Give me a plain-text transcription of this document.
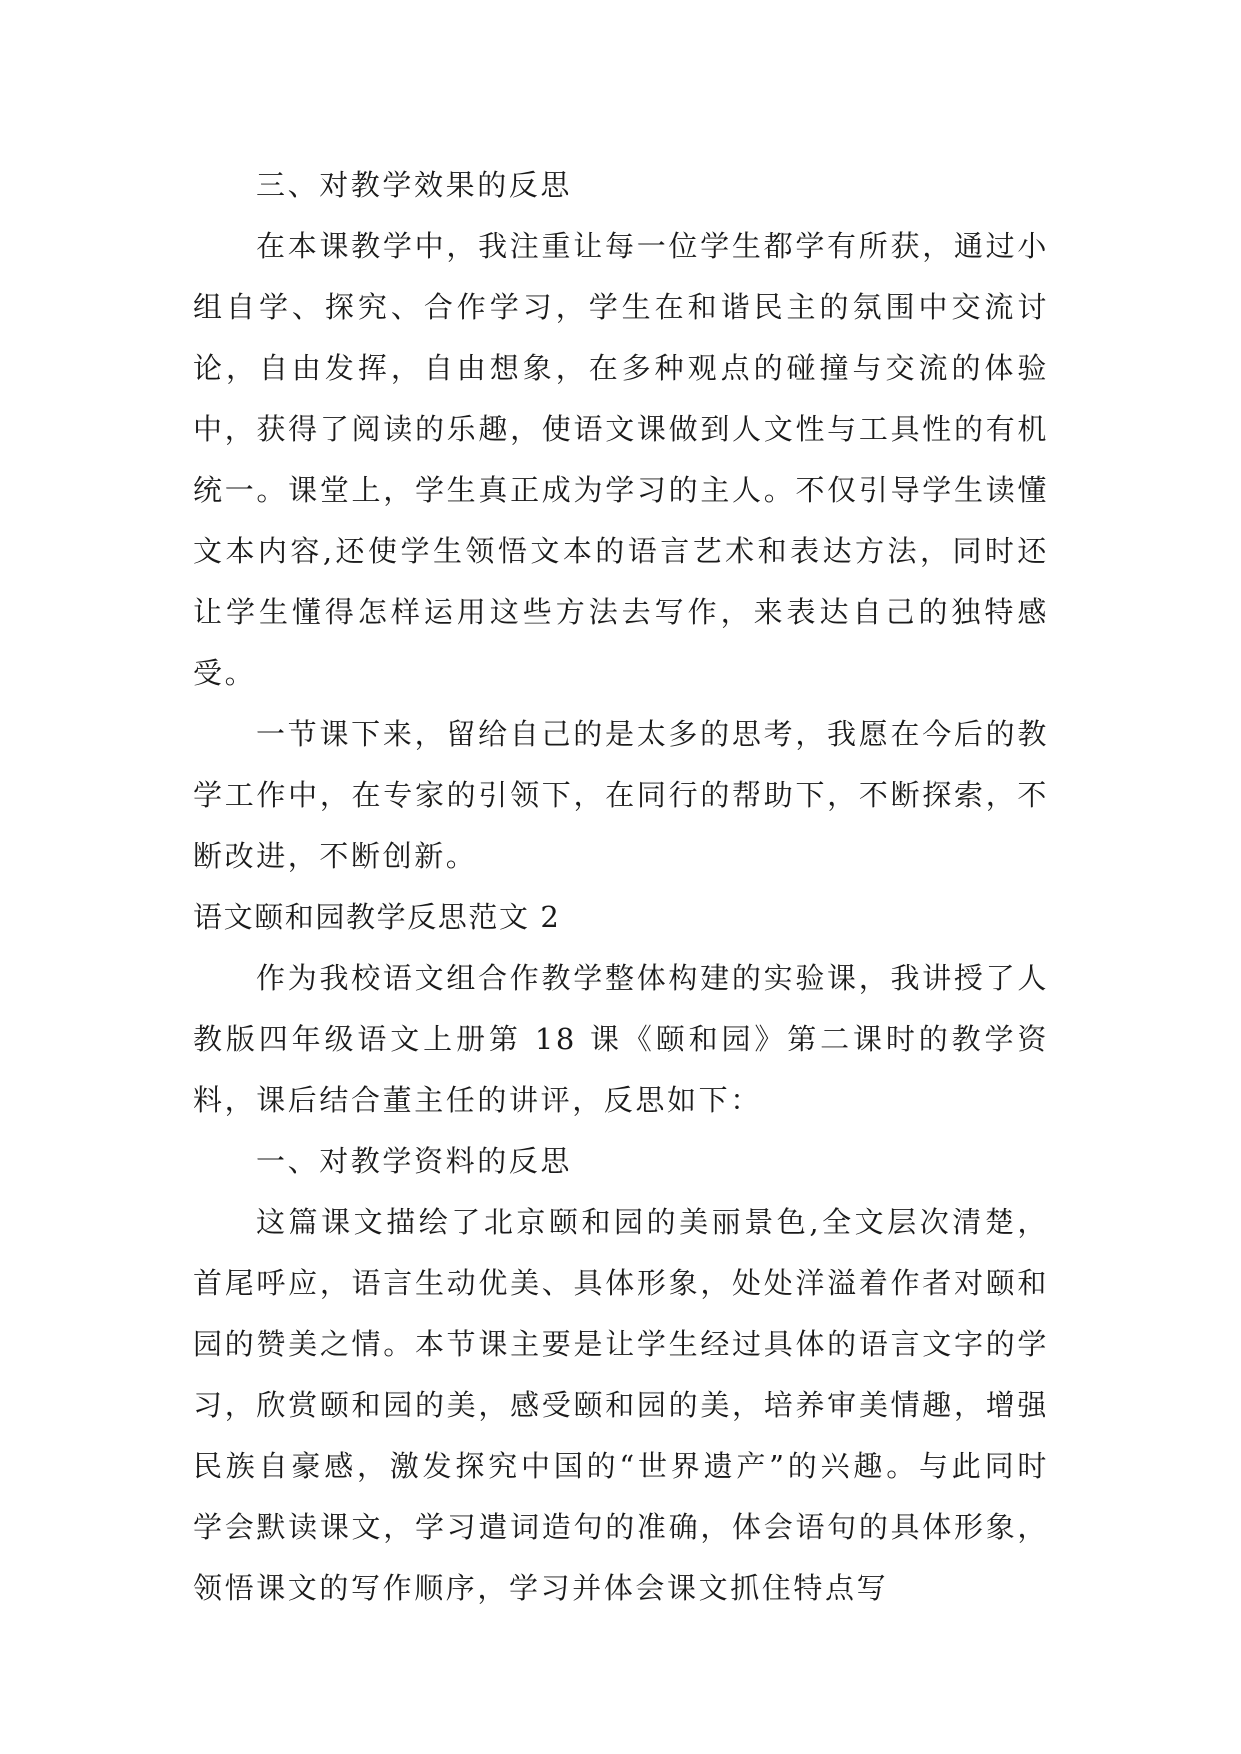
三、对教学效果的反思

在本课教学中，我注重让每一位学生都学有所获，通过小组自学、探究、合作学习，学生在和谐民主的氛围中交流讨论，自由发挥，自由想象，在多种观点的碰撞与交流的体验中，获得了阅读的乐趣，使语文课做到人文性与工具性的有机统一。课堂上，学生真正成为学习的主人。不仅引导学生读懂文本内容,还使学生领悟文本的语言艺术和表达方法，同时还让学生懂得怎样运用这些方法去写作，来表达自己的独特感受。

一节课下来，留给自己的是太多的思考，我愿在今后的教学工作中，在专家的引领下，在同行的帮助下，不断探索，不断改进，不断创新。

语文颐和园教学反思范文 2

作为我校语文组合作教学整体构建的实验课，我讲授了人教版四年级语文上册第 18 课《颐和园》第二课时的教学资料，课后结合董主任的讲评，反思如下：

一、对教学资料的反思

这篇课文描绘了北京颐和园的美丽景色,全文层次清楚，首尾呼应，语言生动优美、具体形象，处处洋溢着作者对颐和园的赞美之情。本节课主要是让学生经过具体的语言文字的学习，欣赏颐和园的美，感受颐和园的美，培养审美情趣，增强民族自豪感，激发探究中国的“世界遗产”的兴趣。与此同时学会默读课文，学习遣词造句的准确，体会语句的具体形象，领悟课文的写作顺序，学习并体会课文抓住特点写
